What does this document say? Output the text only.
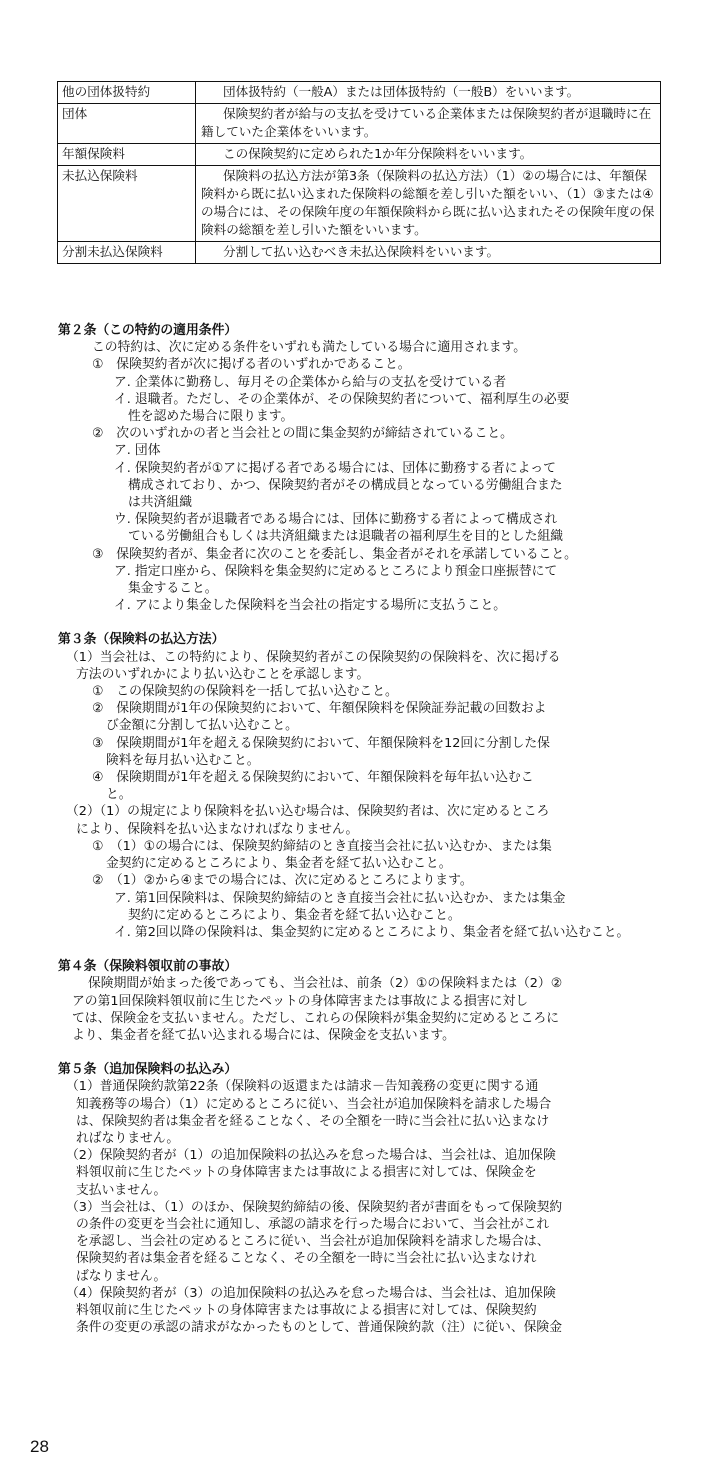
他の団体扱特約	団体扱特約（一般A）または団体扱特約（一般B）をいいます。
団体	保険契約者が給与の支払を受けている企業体または保険契約者が退職時に在籍していた企業体をいいます。
年額保険料	この保険契約に定められた1か年分保険料をいいます。
未払込保険料	保険料の払込方法が第3条（保険料の払込方法）（1）②の場合には、年額保険料から既に払い込まれた保険料の総額を差し引いた額をいい、（1）③または④の場合には、その保険年度の年額保険料から既に払い込まれたその保険年度の保険料の総額を差し引いた額をいいます。
分割未払込保険料	分割して払い込むべき未払込保険料をいいます。

第２条（この特約の適用条件）

この特約は、次に定める条件をいずれも満たしている場合に適用されます。

①　保険契約者が次に掲げる者のいずれかであること。

ア. 企業体に勤務し、毎月その企業体から給与の支払を受けている者

イ. 退職者。ただし、その企業体が、その保険契約者について、福利厚生の必要

性を認めた場合に限ります。

②　次のいずれかの者と当会社との間に集金契約が締結されていること。

ア. 団体

イ. 保険契約者が①アに掲げる者である場合には、団体に勤務する者によって

構成されており、かつ、保険契約者がその構成員となっている労働組合また

は共済組織

ウ. 保険契約者が退職者である場合には、団体に勤務する者によって構成され

ている労働組合もしくは共済組織または退職者の福利厚生を目的とした組織

③　保険契約者が、集金者に次のことを委託し、集金者がそれを承諾していること。

ア. 指定口座から、保険料を集金契約に定めるところにより預金口座振替にて

集金すること。

イ. アにより集金した保険料を当会社の指定する場所に支払うこと。

第３条（保険料の払込方法）

（1）当会社は、この特約により、保険契約者がこの保険契約の保険料を、次に掲げる

方法のいずれかにより払い込むことを承認します。

①　この保険契約の保険料を一括して払い込むこと。

②　保険期間が1年の保険契約において、年額保険料を保険証券記載の回数およ

び金額に分割して払い込むこと。

③　保険期間が1年を超える保険契約において、年額保険料を12回に分割した保

険料を毎月払い込むこと。

④　保険期間が1年を超える保険契約において、年額保険料を毎年払い込むこ

と。

（2）（1）の規定により保険料を払い込む場合は、保険契約者は、次に定めるところ

により、保険料を払い込まなければなりません。

①　（1）①の場合には、保険契約締結のとき直接当会社に払い込むか、または集

金契約に定めるところにより、集金者を経て払い込むこと。

②　（1）②から④までの場合には、次に定めるところによります。

ア. 第1回保険料は、保険契約締結のとき直接当会社に払い込むか、または集金

契約に定めるところにより、集金者を経て払い込むこと。

イ. 第2回以降の保険料は、集金契約に定めるところにより、集金者を経て払い込むこと。

第４条（保険料領収前の事故）

保険期間が始まった後であっても、当会社は、前条（2）①の保険料または（2）②

アの第1回保険料領収前に生じたペットの身体障害または事故による損害に対し

ては、保険金を支払いません。ただし、これらの保険料が集金契約に定めるところに

より、集金者を経て払い込まれる場合には、保険金を支払います。

第５条（追加保険料の払込み）

（1）普通保険約款第22条（保険料の返還または請求－告知義務の変更に関する通

知義務等の場合）（1）に定めるところに従い、当会社が追加保険料を請求した場合

は、保険契約者は集金者を経ることなく、その全額を一時に当会社に払い込まなけ

ればなりません。

（2）保険契約者が（1）の追加保険料の払込みを怠った場合は、当会社は、追加保険

料領収前に生じたペットの身体障害または事故による損害に対しては、保険金を

支払いません。

（3）当会社は、（1）のほか、保険契約締結の後、保険契約者が書面をもって保険契約

の条件の変更を当会社に通知し、承認の請求を行った場合において、当会社がこれ

を承認し、当会社の定めるところに従い、当会社が追加保険料を請求した場合は、

保険契約者は集金者を経ることなく、その全額を一時に当会社に払い込まなけれ

ばなりません。

（4）保険契約者が（3）の追加保険料の払込みを怠った場合は、当会社は、追加保険

料領収前に生じたペットの身体障害または事故による損害に対しては、保険契約

条件の変更の承認の請求がなかったものとして、普通保険約款（注）に従い、保険金

28
